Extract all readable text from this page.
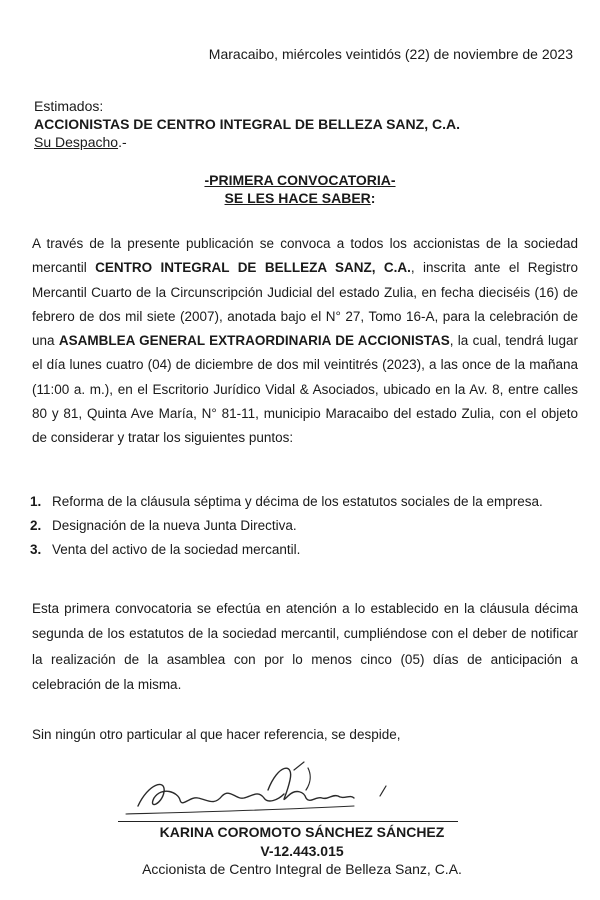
Maracaibo, miércoles veintidós (22) de noviembre de 2023
Estimados:
ACCIONISTAS DE CENTRO INTEGRAL DE BELLEZA SANZ, C.A.
Su Despacho.-
-PRIMERA CONVOCATORIA-
SE LES HACE SABER:
A través de la presente publicación se convoca a todos los accionistas de la sociedad mercantil CENTRO INTEGRAL DE BELLEZA SANZ, C.A., inscrita ante el Registro Mercantil Cuarto de la Circunscripción Judicial del estado Zulia, en fecha dieciséis (16) de febrero de dos mil siete (2007), anotada bajo el N° 27, Tomo 16-A, para la celebración de una ASAMBLEA GENERAL EXTRAORDINARIA DE ACCIONISTAS, la cual, tendrá lugar el día lunes cuatro (04) de diciembre de dos mil veintitrés (2023), a las once de la mañana (11:00 a. m.), en el Escritorio Jurídico Vidal & Asociados, ubicado en la Av. 8, entre calles 80 y 81, Quinta Ave María, N° 81-11, municipio Maracaibo del estado Zulia, con el objeto de considerar y tratar los siguientes puntos:
1. Reforma de la cláusula séptima y décima de los estatutos sociales de la empresa.
2. Designación de la nueva Junta Directiva.
3. Venta del activo de la sociedad mercantil.
Esta primera convocatoria se efectúa en atención a lo establecido en la cláusula décima segunda de los estatutos de la sociedad mercantil, cumpliéndose con el deber de notificar la realización de la asamblea con por lo menos cinco (05) días de anticipación a celebración de la misma.
Sin ningún otro particular al que hacer referencia, se despide,
KARINA COROMOTO SÁNCHEZ SÁNCHEZ
V-12.443.015
Accionista de Centro Integral de Belleza Sanz, C.A.
